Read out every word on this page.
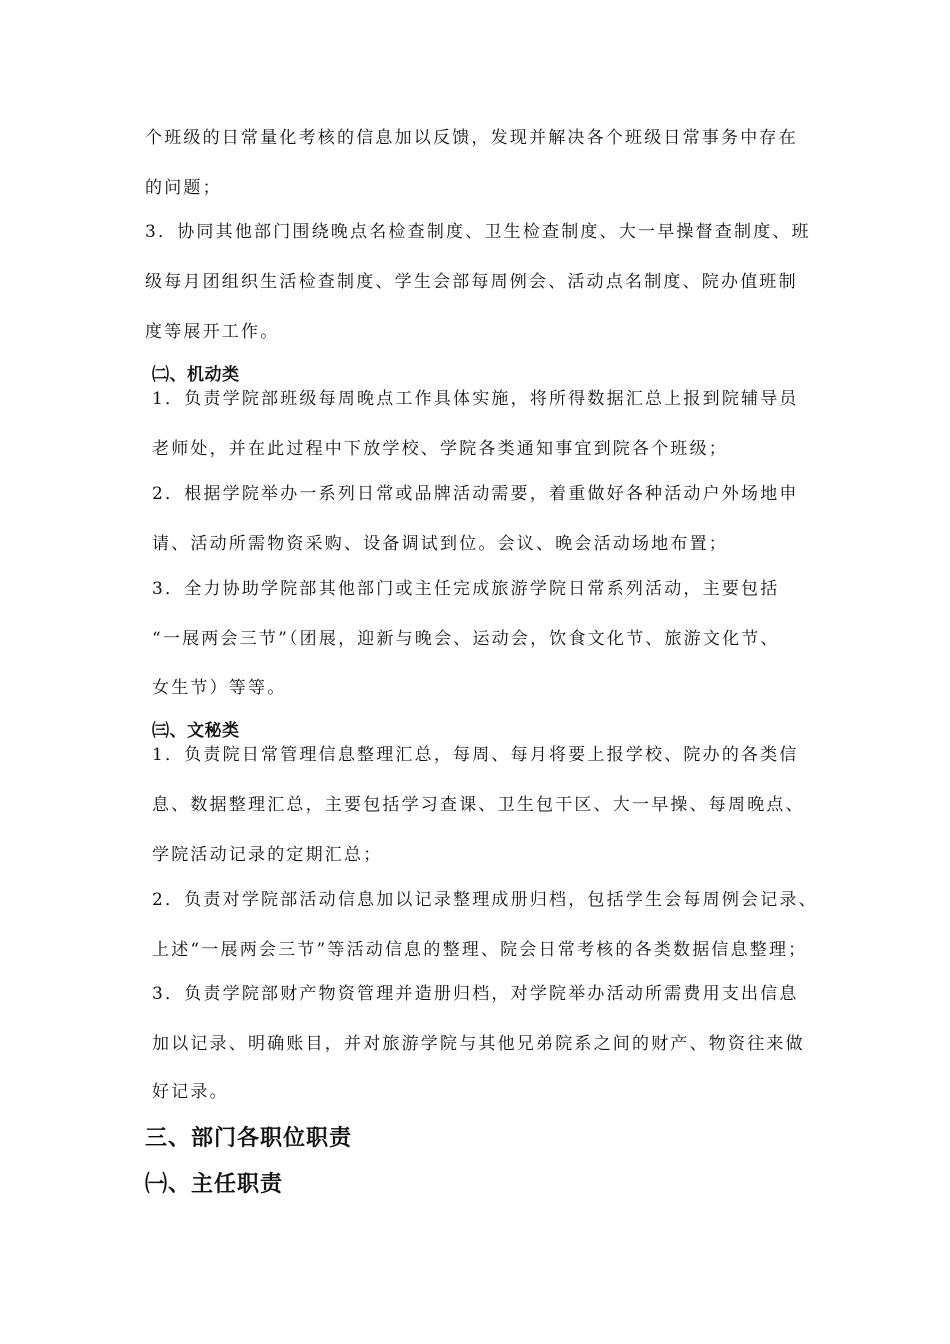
个班级的日常量化考核的信息加以反馈，发现并解决各个班级日常事务中存在
的问题；
3．协同其他部门围绕晚点名检查制度、卫生检查制度、大一早操督查制度、班
级每月团组织生活检查制度、学生会部每周例会、活动点名制度、院办值班制
度等展开工作。
㈡、机动类
1．负责学院部班级每周晚点工作具体实施，将所得数据汇总上报到院辅导员
老师处，并在此过程中下放学校、学院各类通知事宜到院各个班级；
2．根据学院举办一系列日常或品牌活动需要，着重做好各种活动户外场地申
请、活动所需物资采购、设备调试到位。会议、晚会活动场地布置；
3．全力协助学院部其他部门或主任完成旅游学院日常系列活动，主要包括
“一展两会三节”（团展，迎新与晚会、运动会，饮食文化节、旅游文化节、
女生节）等等。
㈢、文秘类
1．负责院日常管理信息整理汇总，每周、每月将要上报学校、院办的各类信
息、数据整理汇总，主要包括学习查课、卫生包干区、大一早操、每周晚点、
学院活动记录的定期汇总；
2．负责对学院部活动信息加以记录整理成册归档，包括学生会每周例会记录、
上述“一展两会三节”等活动信息的整理、院会日常考核的各类数据信息整理；
3．负责学院部财产物资管理并造册归档，对学院举办活动所需费用支出信息
加以记录、明确账目，并对旅游学院与其他兄弟院系之间的财产、物资往来做
好记录。
三、部门各职位职责
㈠、主任职责
